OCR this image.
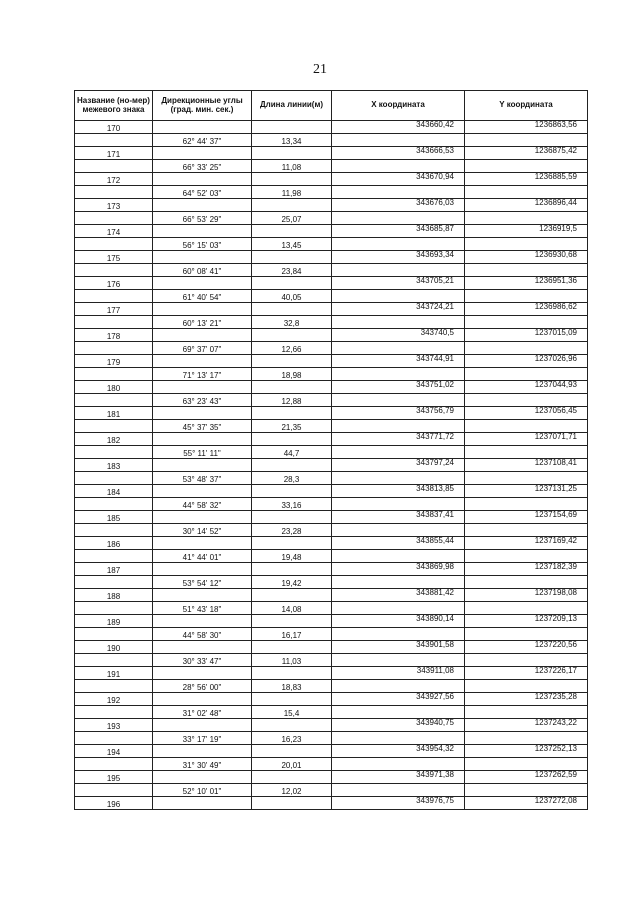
21
Название (но-мер) межевого знака	Дирекционные углы (град. мин. сек.)	Длина линии(м)	X координата	Y координата
170			343660,42	1236863,56
	62° 44' 37"	13,34		
171			343666,53	1236875,42
	66° 33' 25"	11,08		
172			343670,94	1236885,59
	64° 52' 03"	11,98		
173			343676,03	1236896,44
	66° 53' 29"	25,07		
174			343685,87	1236919,5
	56° 15' 03"	13,45		
175			343693,34	1236930,68
	60° 08' 41"	23,84		
176			343705,21	1236951,36
	61° 40' 54"	40,05		
177			343724,21	1236986,62
	60° 13' 21"	32,8		
178			343740,5	1237015,09
	69° 37' 07"	12,66		
179			343744,91	1237026,96
	71° 13' 17"	18,98		
180			343751,02	1237044,93
	63° 23' 43"	12,88		
181			343756,79	1237056,45
	45° 37' 35"	21,35		
182			343771,72	1237071,71
	55° 11' 11"	44,7		
183			343797,24	1237108,41
	53° 48' 37"	28,3		
184			343813,85	1237131,25
	44° 58' 32"	33,16		
185			343837,41	1237154,69
	30° 14' 52"	23,28		
186			343855,44	1237169,42
	41° 44' 01"	19,48		
187			343869,98	1237182,39
	53° 54' 12"	19,42		
188			343881,42	1237198,08
	51° 43' 18"	14,08		
189			343890,14	1237209,13
	44° 58' 30"	16,17		
190			343901,58	1237220,56
	30° 33' 47"	11,03		
191			343911,08	1237226,17
	28° 56' 00"	18,83		
192			343927,56	1237235,28
	31° 02' 48"	15,4		
193			343940,75	1237243,22
	33° 17' 19"	16,23		
194			343954,32	1237252,13
	31° 30' 49"	20,01		
195			343971,38	1237262,59
	52° 10' 01"	12,02		
196			343976,75	1237272,08
